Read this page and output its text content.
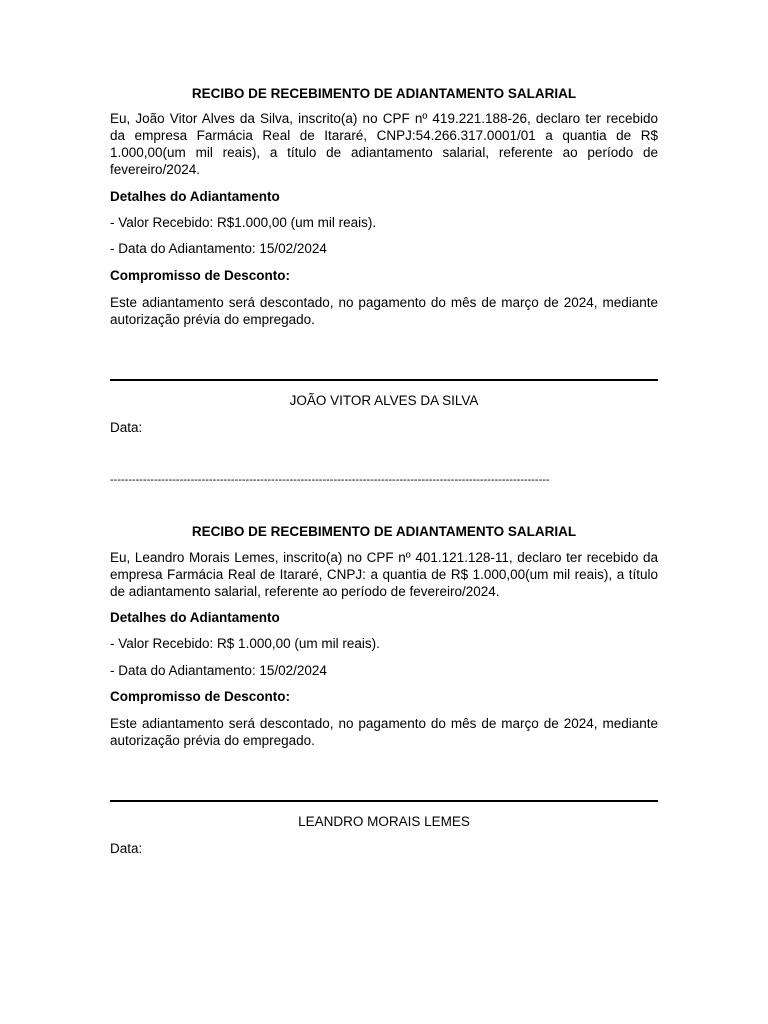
RECIBO DE RECEBIMENTO DE ADIANTAMENTO SALARIAL

Eu, João Vitor Alves da Silva, inscrito(a) no CPF nº 419.221.188-26, declaro ter recebido da empresa Farmácia Real de Itararé, CNPJ:54.266.317.0001/01 a quantia de R$ 1.000,00(um mil reais), a título de adiantamento salarial, referente ao período de fevereiro/2024.

Detalhes do Adiantamento

- Valor Recebido: R$1.000,00 (um mil reais).

- Data do Adiantamento: 15/02/2024

Compromisso de Desconto:

Este adiantamento será descontado, no pagamento do mês de março de 2024, mediante autorização prévia do empregado.

JOÃO VITOR ALVES DA SILVA
Data:
------------------------------------------------------------------------------------------------------------------------

RECIBO DE RECEBIMENTO DE ADIANTAMENTO SALARIAL

Eu, Leandro Morais Lemes, inscrito(a) no CPF nº 401.121.128-11, declaro ter recebido da empresa Farmácia Real de Itararé, CNPJ: a quantia de R$ 1.000,00(um mil reais), a título de adiantamento salarial, referente ao período de fevereiro/2024.

Detalhes do Adiantamento

- Valor Recebido: R$ 1.000,00 (um mil reais).

- Data do Adiantamento: 15/02/2024

Compromisso de Desconto:

Este adiantamento será descontado, no pagamento do mês de março de 2024, mediante autorização prévia do empregado.

LEANDRO MORAIS LEMES
Data:
